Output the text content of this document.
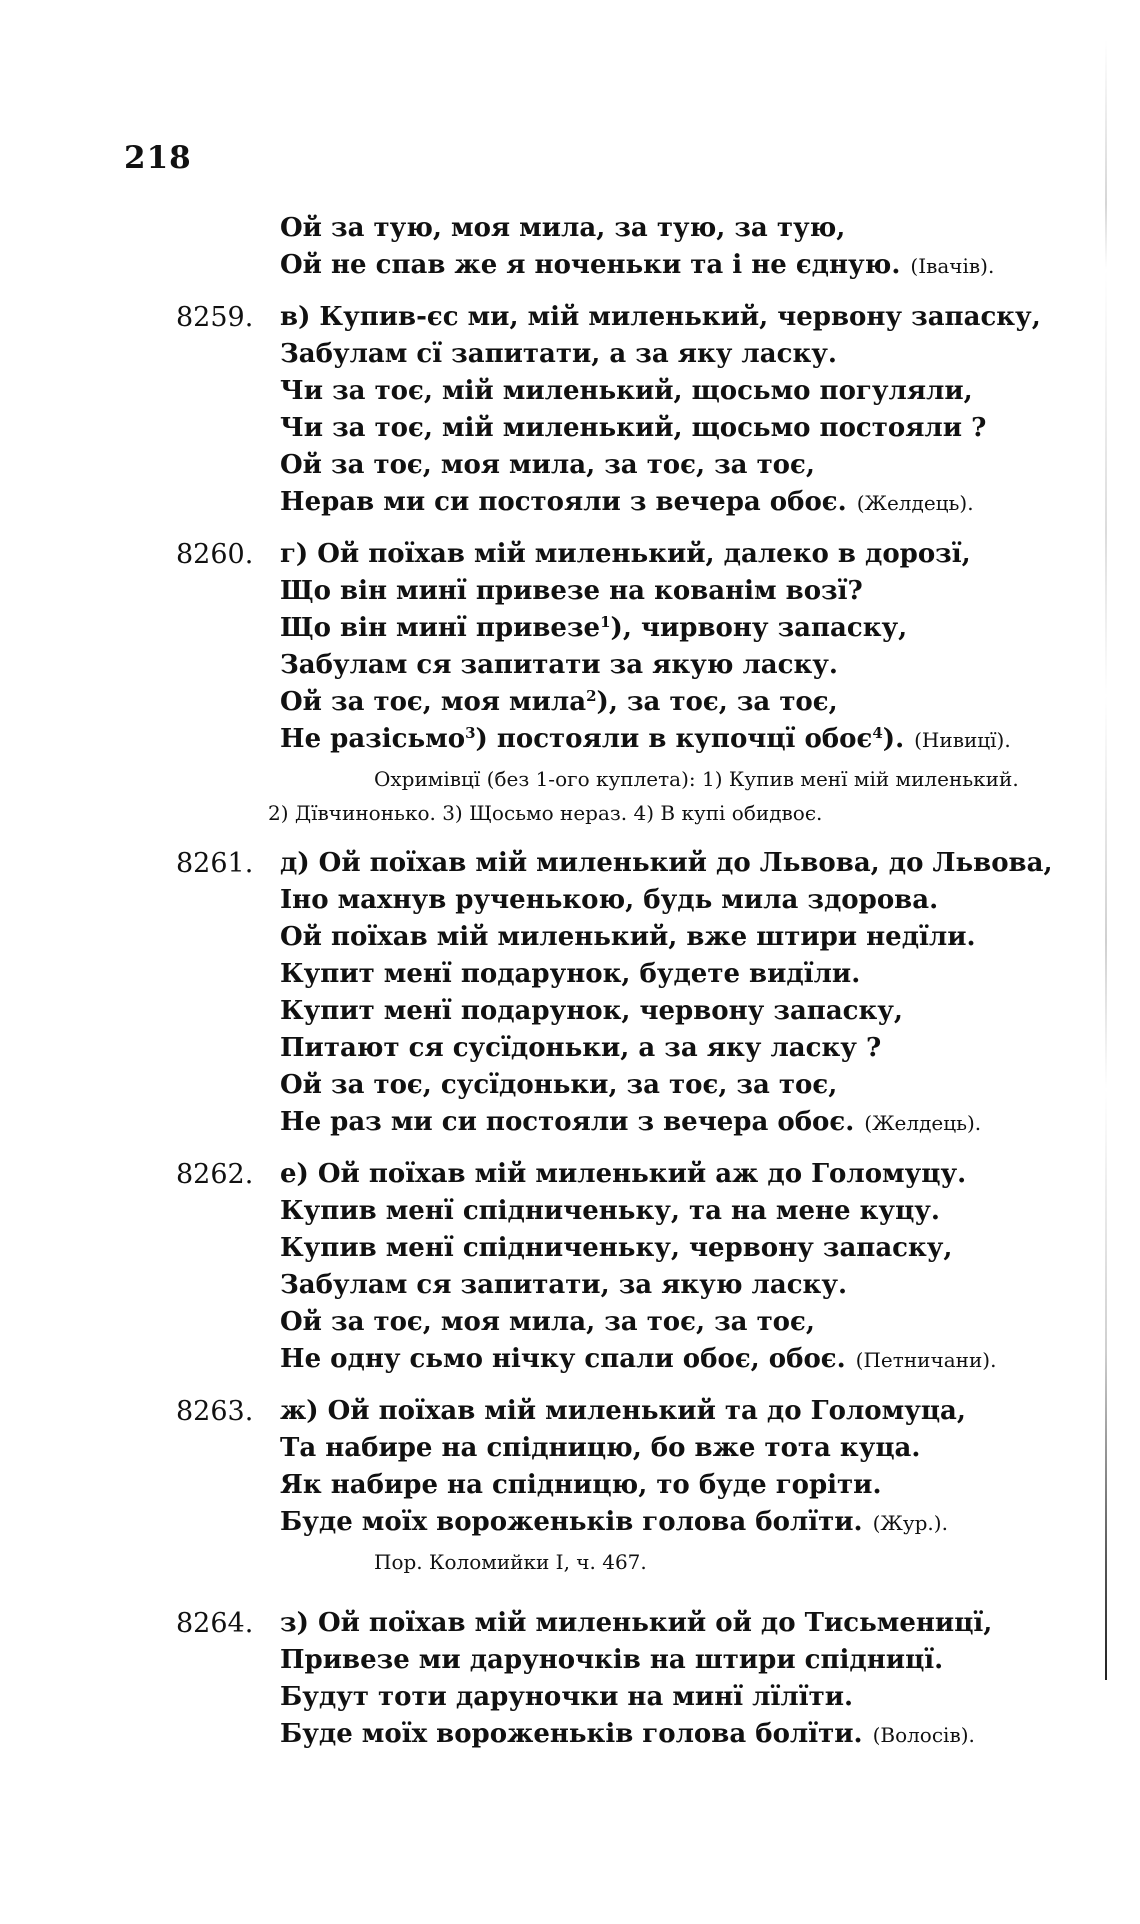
218
Ой за тую, моя мила, за тую, за тую,
Ой не спав же я ноченьки та і не єдную. (Івачів).
8259. в) Купив-єс ми, мій миленький, червону запаску,
Забулам сї запитати, а за яку ласку.
Чи за тоє, мій миленький, щосьмо погуляли,
Чи за тоє, мій миленький, щосьмо постояли ?
Ой за тоє, моя мила, за тоє, за тоє,
Нерав ми си постояли з вечера обоє. (Желдець).
8260. г) Ой поїхав мій миленький, далеко в дорозї,
Що він минї привезе на кованім возї?
Що він минї привезе$^1$), чирвону запаску,
Забулам ся запитати за якую ласку.
Ой за тоє, моя мила$^2$), за тоє, за тоє,
Не разісьмо$^3$) постояли в купочцї обоє$^4$). (Нивицї).
Охримівцї (без 1-ого куплета): 1) Купив менї мій миленький.
2) Дївчинонько. 3) Щосьмо нераз. 4) В купі обидвоє.
8261. д) Ой поїхав мій миленький до Львова, до Львова,
Іно махнув рученькою, будь мила здорова.
Ой поїхав мій миленький, вже штири недїли.
Купит менї подарунок, будете видїли.
Купит менї подарунок, червону запаску,
Питают ся сусїдоньки, а за яку ласку ?
Ой за тоє, сусїдоньки, за тоє, за тоє,
Не раз ми си постояли з вечера обоє. (Желдець).
8262. е) Ой поїхав мій миленький аж до Голомуцу.
Купив менї спідниченьку, та на мене куцу.
Купив менї спідниченьку, червону запаску,
Забулам ся запитати, за якую ласку.
Ой за тоє, моя мила, за тоє, за тоє,
Не одну сьмо нічку спали обоє, обоє. (Петничани).
8263. ж) Ой поїхав мій миленький та до Голомуца,
Та набире на спідницю, бо вже тота куца.
Як набире на спідницю, то буде горіти.
Буде моїх вороженьків голова болїти. (Жур.).
Пор. Коломийки I, ч. 467.
8264. з) Ой поїхав мій миленький ой до Тисьменицї,
Привезе ми даруночків на штири спідницї.
Будут тоти даруночки на минї лїлїти.
Буде моїх вороженьків голова болїти. (Волосів).
